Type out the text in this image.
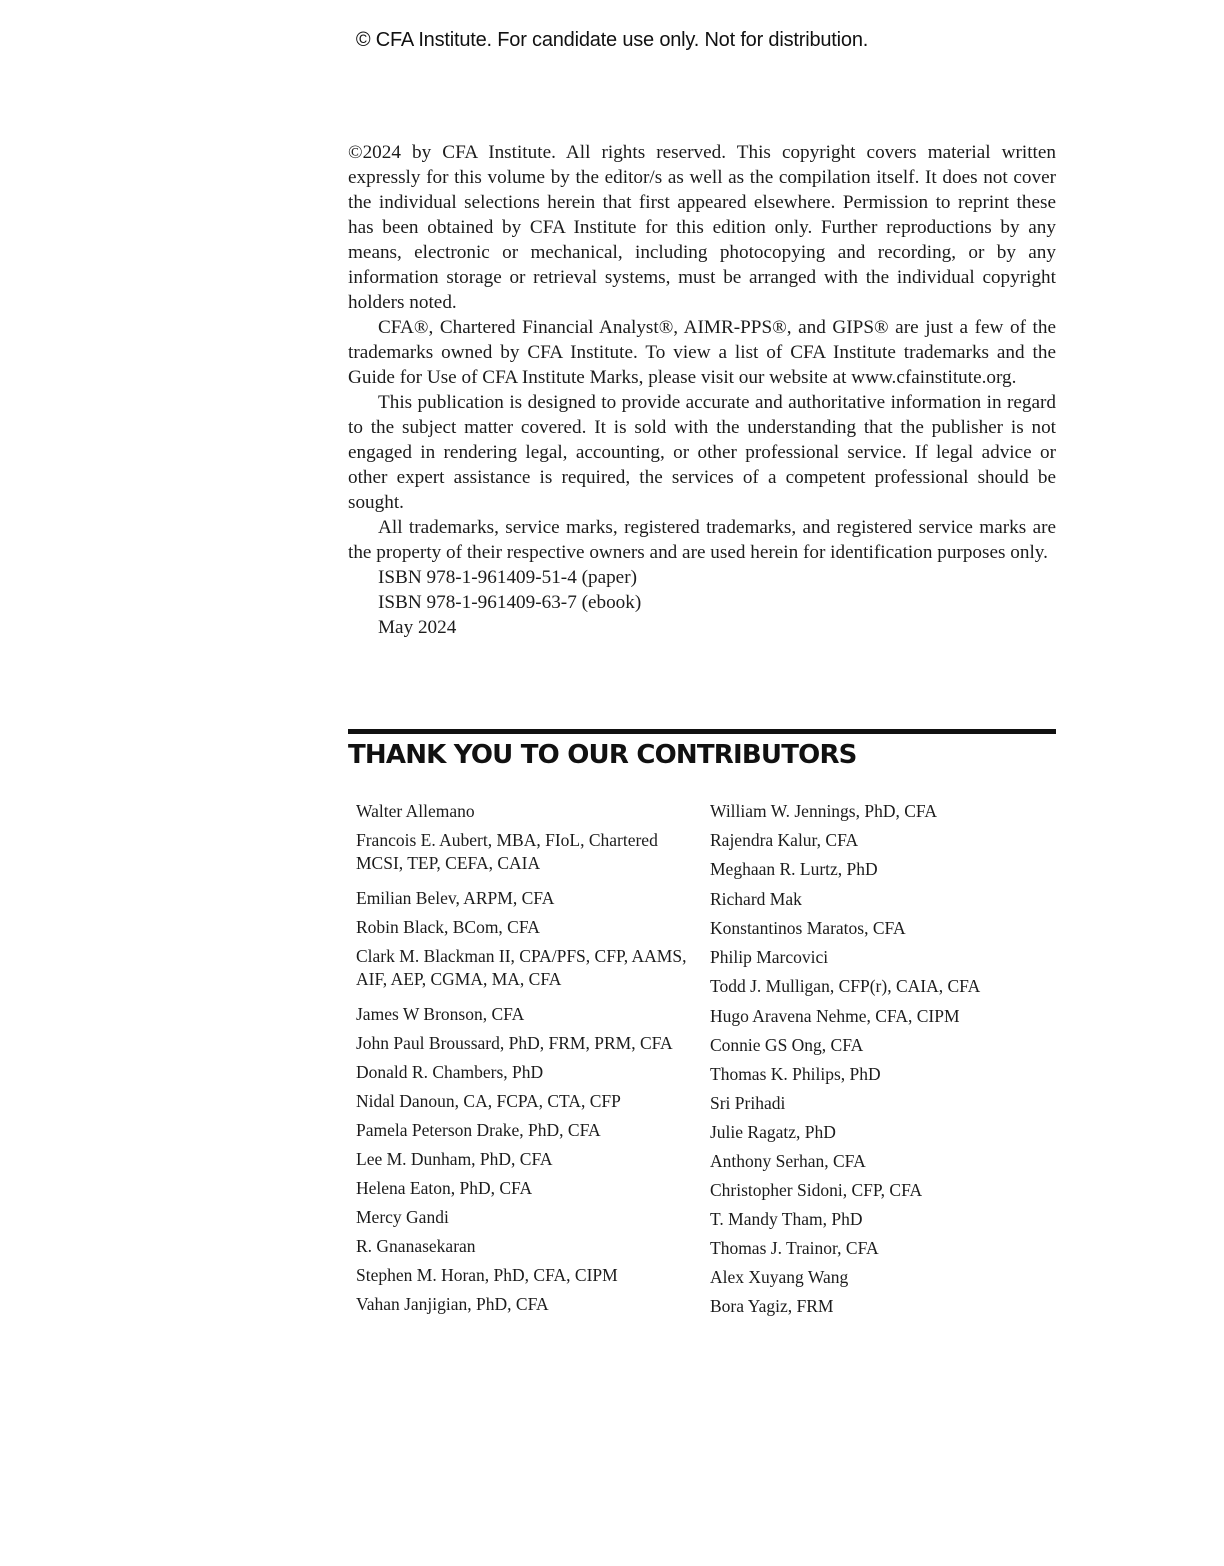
© CFA Institute. For candidate use only. Not for distribution.

©2024 by CFA Institute. All rights reserved. This copyright covers material written expressly for this volume by the editor/s as well as the compilation itself. It does not cover the individual selections herein that first appeared elsewhere. Permission to reprint these has been obtained by CFA Institute for this edition only. Further reproductions by any means, electronic or mechanical, including photocopying and recording, or by any information storage or retrieval systems, must be arranged with the individual copyright holders noted.

CFA®, Chartered Financial Analyst®, AIMR-PPS®, and GIPS® are just a few of the trademarks owned by CFA Institute. To view a list of CFA Institute trademarks and the Guide for Use of CFA Institute Marks, please visit our website at www.cfainstitute.org.

This publication is designed to provide accurate and authoritative information in regard to the subject matter covered. It is sold with the understanding that the publisher is not engaged in rendering legal, accounting, or other professional service. If legal advice or other expert assistance is required, the services of a competent professional should be sought.

All trademarks, service marks, registered trademarks, and registered service marks are the property of their respective owners and are used herein for identification purposes only.

ISBN 978-1-961409-51-4 (paper)

ISBN 978-1-961409-63-7 (ebook)

May 2024

THANK YOU TO OUR CONTRIBUTORS

Walter Allemano

Francois E. Aubert, MBA, FIoL, Chartered MCSI, TEP, CEFA, CAIA

Emilian Belev, ARPM, CFA

Robin Black, BCom, CFA

Clark M. Blackman II, CPA/PFS, CFP, AAMS, AIF, AEP, CGMA, MA, CFA

James W Bronson, CFA

John Paul Broussard, PhD, FRM, PRM, CFA

Donald R. Chambers, PhD

Nidal Danoun, CA, FCPA, CTA, CFP

Pamela Peterson Drake, PhD, CFA

Lee M. Dunham, PhD, CFA

Helena Eaton, PhD, CFA

Mercy Gandi

R. Gnanasekaran

Stephen M. Horan, PhD, CFA, CIPM

Vahan Janjigian, PhD, CFA

William W. Jennings, PhD, CFA

Rajendra Kalur, CFA

Meghaan R. Lurtz, PhD

Richard Mak

Konstantinos Maratos, CFA

Philip Marcovici

Todd J. Mulligan, CFP(r), CAIA, CFA

Hugo Aravena Nehme, CFA, CIPM

Connie GS Ong, CFA

Thomas K. Philips, PhD

Sri Prihadi

Julie Ragatz, PhD

Anthony Serhan, CFA

Christopher Sidoni, CFP, CFA

T. Mandy Tham, PhD

Thomas J. Trainor, CFA

Alex Xuyang Wang

Bora Yagiz, FRM
